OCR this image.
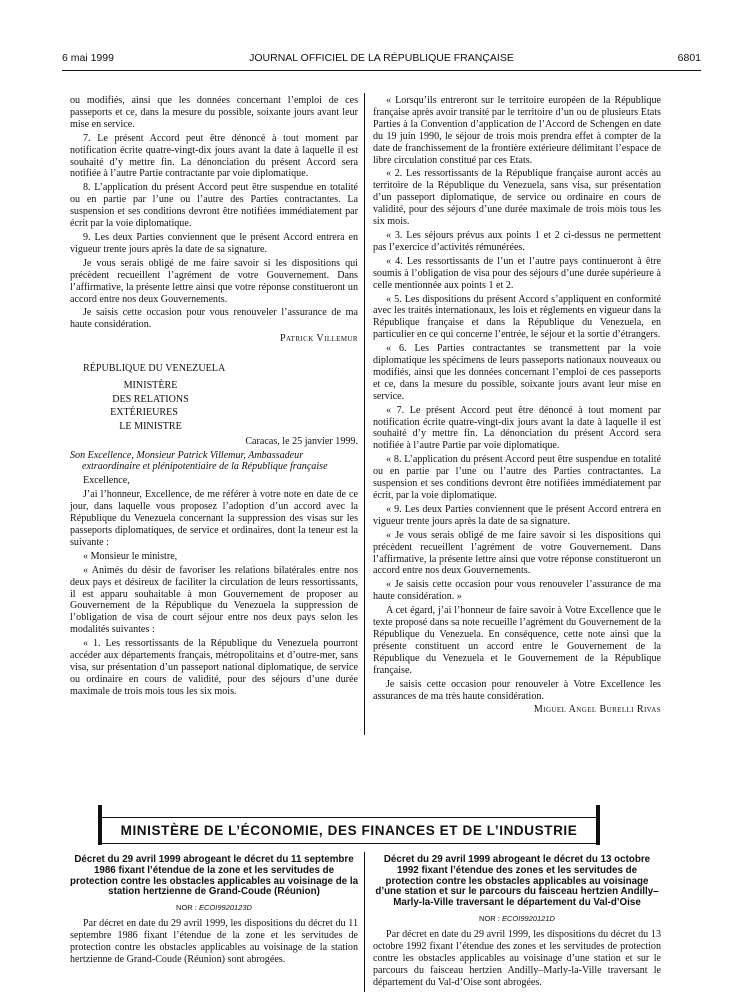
6 mai 1999	JOURNAL OFFICIEL DE LA RÉPUBLIQUE FRANÇAISE	6801

ou modifiés, ainsi que les données concernant l’emploi de ces passeports et ce, dans la mesure du possible, soixante jours avant leur mise en service.

7. Le présent Accord peut être dénoncé à tout moment par notification écrite quatre-vingt-dix jours avant la date à laquelle il est souhaité d’y mettre fin. La dénonciation du présent Accord sera notifiée à l’autre Partie contractante par voie diplomatique.

8. L’application du présent Accord peut être suspendue en totalité ou en partie par l’une ou l’autre des Parties contractantes. La suspension et ses conditions devront être notifiées immédiatement par écrit par la voie diplomatique.

9. Les deux Parties conviennent que le présent Accord entrera en vigueur trente jours après la date de sa signature.

Je vous serais obligé de me faire savoir si les dispositions qui précèdent recueillent l’agrément de votre Gouvernement. Dans l’affirmative, la présente lettre ainsi que votre réponse constitueront un accord entre nos deux Gouvernements.

Je saisis cette occasion pour vous renouveler l’assurance de ma haute considération.

Patrick Villemur

RÉPUBLIQUE DU VENEZUELA

MINISTÈRE

DES RELATIONS EXTÉRIEURES

LE MINISTRE

Caracas, le 25 janvier 1999.

Son Excellence, Monsieur Patrick Villemur, Ambassadeur extraordinaire et plénipotentiaire de la République française

Excellence,

J’ai l’honneur, Excellence, de me référer à votre note en date de ce jour, dans laquelle vous proposez l’adoption d’un accord avec la République du Venezuela concernant la suppression des visas sur les passeports diplomatiques, de service et ordinaires, dont la teneur est la suivante :

« Monsieur le ministre,

« Animés du désir de favoriser les relations bilatérales entre nos deux pays et désireux de faciliter la circulation de leurs ressortissants, il est apparu souhaitable à mon Gouvernement de proposer au Gouvernement de la République du Venezuela la suppression de l’obligation de visa de court séjour entre nos deux pays selon les modalités suivantes :

« 1. Les ressortissants de la République du Venezuela pourront accéder aux départements français, métropolitains et d’outre-mer, sans visa, sur présentation d’un passeport national diplomatique, de service ou ordinaire en cours de validité, pour des séjours d’une durée maximale de trois mois tous les six mois.

« Lorsqu’ils entreront sur le territoire européen de la République française après avoir transité par le territoire d’un ou de plusieurs Etats Parties à la Convention d’application de l’Accord de Schengen en date du 19 juin 1990, le séjour de trois mois prendra effet à compter de la date de franchissement de la frontière extérieure délimitant l’espace de libre circulation constitué par ces Etats.

« 2. Les ressortissants de la République française auront accès au territoire de la République du Venezuela, sans visa, sur présentation d’un passeport diplomatique, de service ou ordinaire en cours de validité, pour des séjours d’une durée maximale de trois mois tous les six mois.

« 3. Les séjours prévus aux points 1 et 2 ci-dessus ne permettent pas l’exercice d’activités rémunérées.

« 4. Les ressortissants de l’un et l’autre pays continueront à être soumis à l’obligation de visa pour des séjours d’une durée supérieure à celle mentionnée aux points 1 et 2.

« 5. Les dispositions du présent Accord s’appliquent en conformité avec les traités internationaux, les lois et règlements en vigueur dans la République française et dans la République du Venezuela, en particulier en ce qui concerne l’entrée, le séjour et la sortie d’étrangers.

« 6. Les Parties contractantes se transmettent par la voie diplomatique les spécimens de leurs passeports nationaux nouveaux ou modifiés, ainsi que les données concernant l’emploi de ces passeports et ce, dans la mesure du possible, soixante jours avant leur mise en service.

« 7. Le présent Accord peut être dénoncé à tout moment par notification écrite quatre-vingt-dix jours avant la date à laquelle il est souhaité d’y mettre fin. La dénonciation du présent Accord sera notifiée à l’autre Partie par voie diplomatique.

« 8. L’application du présent Accord peut être suspendue en totalité ou en partie par l’une ou l’autre des Parties contractantes. La suspension et ses conditions devront être notifiées immédiatement par écrit, par la voie diplomatique.

« 9. Les deux Parties conviennent que le présent Accord entrera en vigueur trente jours après la date de sa signature.

« Je vous serais obligé de me faire savoir si les dispositions qui précèdent recueillent l’agrément de votre Gouvernement. Dans l’affirmative, la présente lettre ainsi que votre réponse constitueront un accord entre nos deux Gouvernements.

« Je saisis cette occasion pour vous renouveler l’assurance de ma haute considération. »

A cet égard, j’ai l’honneur de faire savoir à Votre Excellence que le texte proposé dans sa note recueille l’agrément du Gouvernement de la République du Venezuela. En conséquence, cette note ainsi que la présente constituent un accord entre le Gouvernement de la République du Venezuela et le Gouvernement de la République française.

Je saisis cette occasion pour renouveler à Votre Excellence les assurances de ma très haute considération.

Miguel Angel Burelli Rivas
MINISTÈRE DE L’ÉCONOMIE, DES FINANCES ET DE L’INDUSTRIE

Décret du 29 avril 1999 abrogeant le décret du 11 septembre 1986 fixant l’étendue de la zone et les servitudes de protection contre les obstacles applicables au voisinage de la station hertzienne de Grand-Coude (Réunion)

NOR : ECOI9920123D

Par décret en date du 29 avril 1999, les dispositions du décret du 11 septembre 1986 fixant l’étendue de la zone et les servitudes de protection contre les obstacles applicables au voisinage de la station hertzienne de Grand-Coude (Réunion) sont abrogées.

Décret du 29 avril 1999 abrogeant le décret du 13 octobre 1992 fixant l’étendue des zones et les servitudes de protection contre les obstacles applicables au voisinage d’une station et sur le parcours du faisceau hertzien Andilly–Marly-la-Ville traversant le département du Val-d’Oise

NOR : ECOI9920121D

Par décret en date du 29 avril 1999, les dispositions du décret du 13 octobre 1992 fixant l’étendue des zones et les servitudes de protection contre les obstacles applicables au voisinage d’une station et sur le parcours du faisceau hertzien Andilly–Marly-la-Ville traversant le département du Val-d’Oise sont abrogées.
